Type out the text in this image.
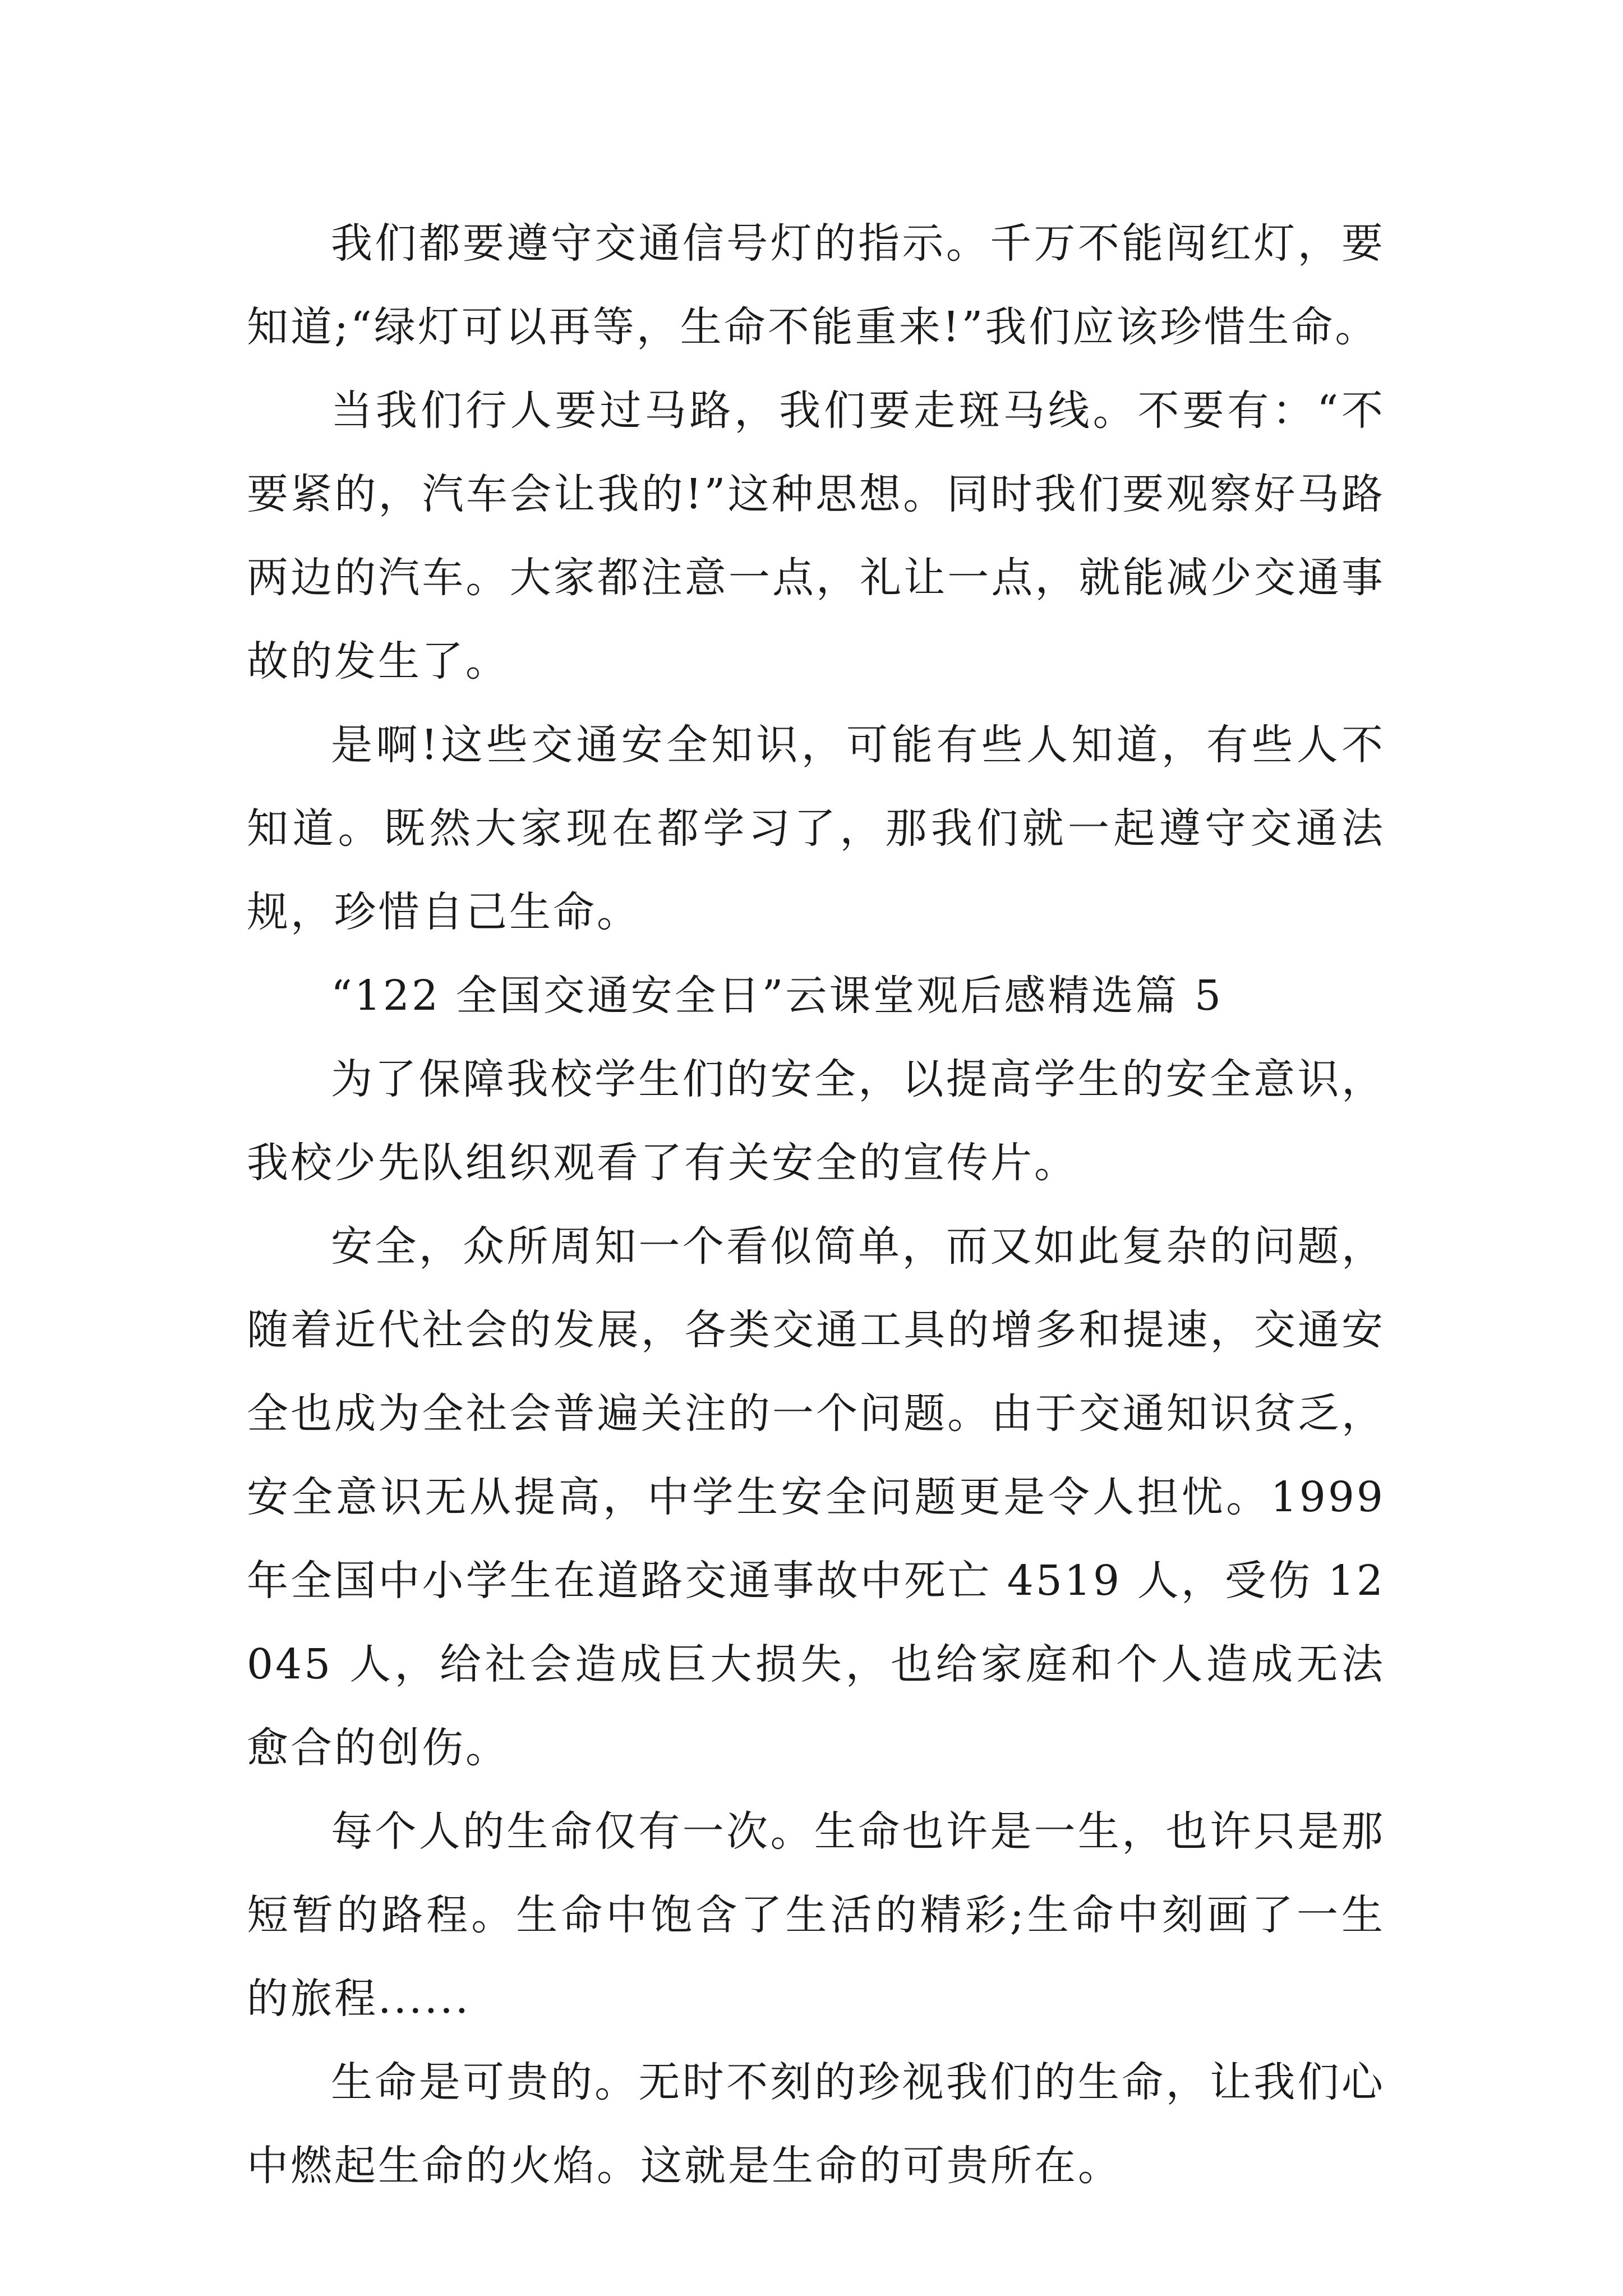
我们都要遵守交通信号灯的指示。千万不能闯红灯，要知道;“绿灯可以再等，生命不能重来!”我们应该珍惜生命。

当我们行人要过马路，我们要走斑马线。不要有：“不要紧的，汽车会让我的!”这种思想。同时我们要观察好马路两边的汽车。大家都注意一点，礼让一点，就能减少交通事故的发生了。

是啊!这些交通安全知识，可能有些人知道，有些人不知道。既然大家现在都学习了，那我们就一起遵守交通法规，珍惜自己生命。

“122 全国交通安全日”云课堂观后感精选篇 5

为了保障我校学生们的安全，以提高学生的安全意识，我校少先队组织观看了有关安全的宣传片。

安全，众所周知一个看似简单，而又如此复杂的问题，随着近代社会的发展，各类交通工具的增多和提速，交通安全也成为全社会普遍关注的一个问题。由于交通知识贫乏，安全意识无从提高，中学生安全问题更是令人担忧。1999 年全国中小学生在道路交通事故中死亡 4519 人，受伤 12045 人，给社会造成巨大损失，也给家庭和个人造成无法愈合的创伤。

每个人的生命仅有一次。生命也许是一生，也许只是那短暂的路程。生命中饱含了生活的精彩;生命中刻画了一生的旅程......

生命是可贵的。无时不刻的珍视我们的生命，让我们心中燃起生命的火焰。这就是生命的可贵所在。
